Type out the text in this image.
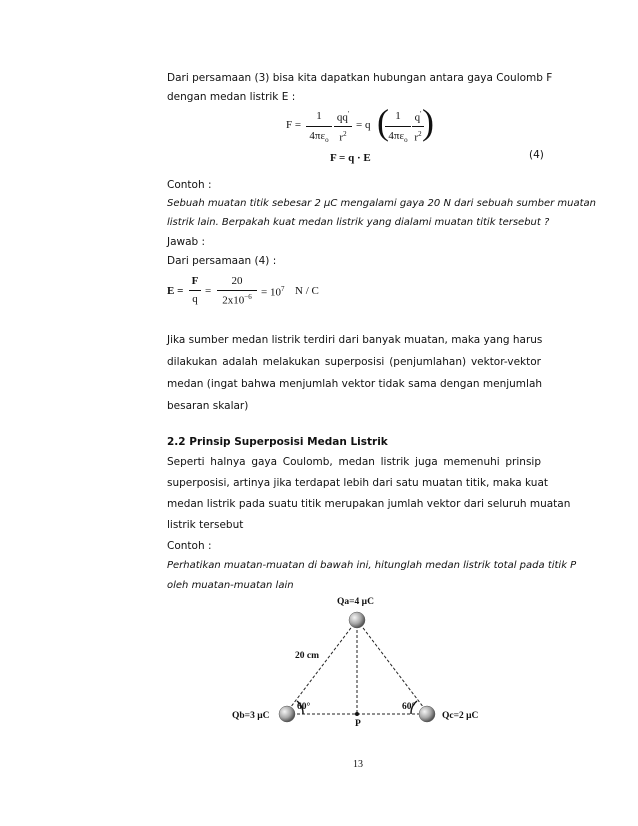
Dari persamaan (3) bisa kita dapatkan hubungan antara gaya Coulomb F
dengan medan listrik E :
F =
1
$4\pi\varepsilon_o$
qq'
$r^2$
= q ( 1
$4\pi\varepsilon_o$
q'
$r^2$ )
F = q · E	(4)
Contoh :
Sebuah muatan titik sebesar 2 μC mengalami gaya 20 N dari sebuah sumber muatan
listrik lain. Berpakah kuat medan listrik yang dialami muatan titik tersebut ?
Jawab :
Dari persamaan (4) :
E =
F
q
=
20
$2x10^{-6} = 10^7$ N / C
Jika sumber medan listrik terdiri dari banyak muatan, maka yang harus
dilakukan adalah melakukan superposisi (penjumlahan) vektor-vektor
medan (ingat bahwa menjumlah vektor tidak sama dengan menjumlah
besaran skalar)
2.2 Prinsip Superposisi Medan Listrik
Seperti halnya gaya Coulomb, medan listrik juga memenuhi prinsip
superposisi, artinya jika terdapat lebih dari satu muatan titik, maka kuat
medan listrik pada suatu titik merupakan jumlah vektor dari seluruh muatan
listrik tersebut
Contoh :
Perhatikan muatan-muatan di bawah ini, hitunglah medan listrik total pada titik P
oleh muatan-muatan lain
Qa=4 μC
Qb=3 μC	Qc=2 μC
20 cm
60°	60°
P
13
